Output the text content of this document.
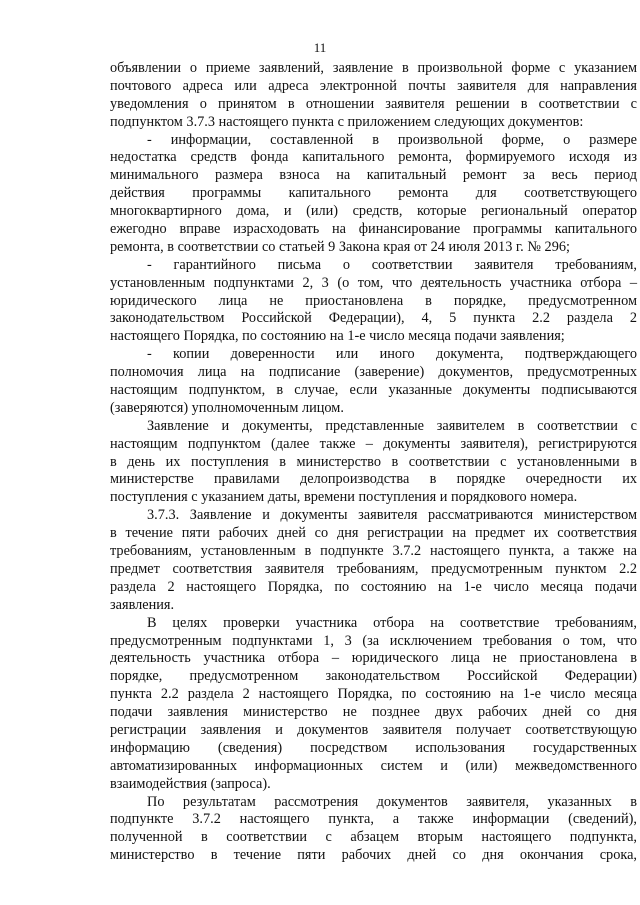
11
объявлении о приеме заявлений, заявление в произвольной форме с указанием
почтового адреса или адреса электронной почты заявителя для направления
уведомления о принятом в отношении заявителя решении в соответствии с
подпунктом 3.7.3 настоящего пункта с приложением следующих документов:
- информации, составленной в произвольной форме, о размере
недостатка средств фонда капитального ремонта, формируемого исходя из
минимального размера взноса на капитальный ремонт за весь период
действия программы капитального ремонта для соответствующего
многоквартирного дома, и (или) средств, которые региональный оператор
ежегодно вправе израсходовать на финансирование программы капитального
ремонта, в соответствии со статьей 9 Закона края от 24 июля 2013 г. № 296;
- гарантийного письма о соответствии заявителя требованиям,
установленным подпунктами 2, 3 (о том, что деятельность участника отбора –
юридического лица не приостановлена в порядке, предусмотренном
законодательством Российской Федерации), 4, 5 пункта 2.2 раздела 2
настоящего Порядка, по состоянию на 1-е число месяца подачи заявления;
- копии доверенности или иного документа, подтверждающего
полномочия лица на подписание (заверение) документов, предусмотренных
настоящим подпунктом, в случае, если указанные документы подписываются
(заверяются) уполномоченным лицом.
Заявление и документы, представленные заявителем в соответствии с
настоящим подпунктом (далее также – документы заявителя), регистрируются
в день их поступления в министерство в соответствии с установленными в
министерстве правилами делопроизводства в порядке очередности их
поступления с указанием даты, времени поступления и порядкового номера.
3.7.3. Заявление и документы заявителя рассматриваются министерством
в течение пяти рабочих дней со дня регистрации на предмет их соответствия
требованиям, установленным в подпункте 3.7.2 настоящего пункта, а также на
предмет соответствия заявителя требованиям, предусмотренным пунктом 2.2
раздела 2 настоящего Порядка, по состоянию на 1-е число месяца подачи
заявления.
В целях проверки участника отбора на соответствие требованиям,
предусмотренным подпунктами 1, 3 (за исключением требования о том, что
деятельность участника отбора – юридического лица не приостановлена в
порядке, предусмотренном законодательством Российской Федерации)
пункта 2.2 раздела 2 настоящего Порядка, по состоянию на 1-е число месяца
подачи заявления министерство не позднее двух рабочих дней со дня
регистрации заявления и документов заявителя получает соответствующую
информацию (сведения) посредством использования государственных
автоматизированных информационных систем и (или) межведомственного
взаимодействия (запроса).
По результатам рассмотрения документов заявителя, указанных в
подпункте 3.7.2 настоящего пункта, а также информации (сведений),
полученной в соответствии с абзацем вторым настоящего подпункта,
министерство в течение пяти рабочих дней со дня окончания срока,
